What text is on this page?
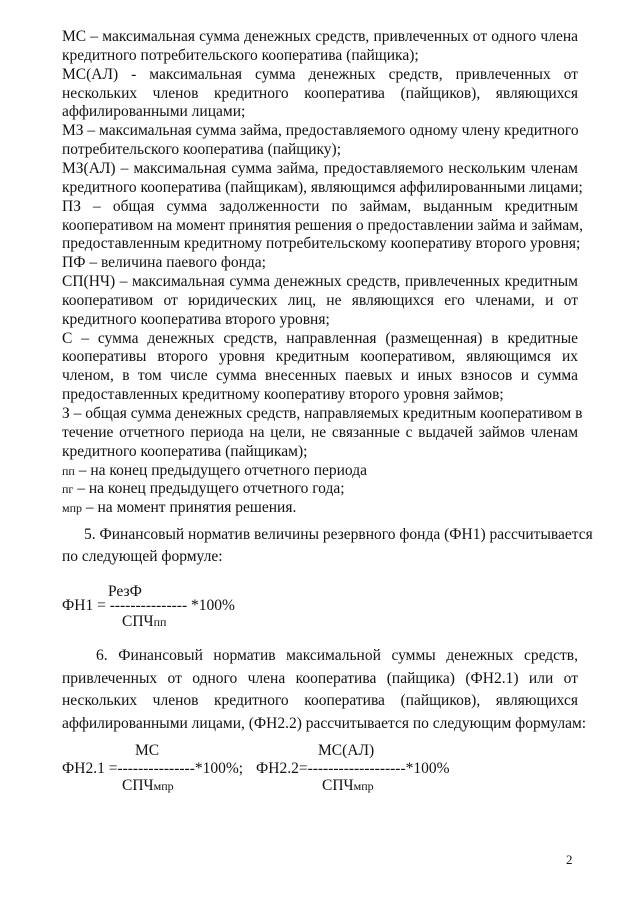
МС – максимальная сумма денежных средств, привлеченных от одного члена
кредитного потребительского кооператива (пайщика);
МС(АЛ) - максимальная сумма денежных средств, привлеченных от
нескольких членов кредитного кооператива (пайщиков), являющихся
аффилированными лицами;
МЗ – максимальная сумма займа, предоставляемого одному члену кредитного
потребительского кооператива (пайщику);
МЗ(АЛ) – максимальная сумма займа, предоставляемого нескольким членам
кредитного кооператива (пайщикам), являющимся аффилированными лицами;
ПЗ – общая сумма задолженности по займам, выданным кредитным
кооперативом на момент принятия решения о предоставлении займа и займам,
предоставленным кредитному потребительскому кооперативу второго уровня;
ПФ – величина паевого фонда;
СП(НЧ) – максимальная сумма денежных средств, привлеченных кредитным
кооперативом от юридических лиц, не являющихся его членами, и от
кредитного кооператива второго уровня;
С – сумма денежных средств, направленная (размещенная) в кредитные
кооперативы второго уровня кредитным кооперативом, являющимся их
членом, в том числе сумма внесенных паевых и иных взносов и сумма
предоставленных кредитному кооперативу второго уровня займов;
З – общая сумма денежных средств, направляемых кредитным кооперативом в
течение отчетного периода на цели, не связанные с выдачей займов членам
кредитного кооператива (пайщикам);
пп – на конец предыдущего отчетного периода
пг – на конец предыдущего отчетного года;
мпр – на момент принятия решения.
5. Финансовый норматив величины резервного фонда (ФН1) рассчитывается
по следующей формуле:
РезФ
ФН1 = --------------- *100%
СПЧпп
6. Финансовый норматив максимальной суммы денежных средств,
привлеченных от одного члена кооператива (пайщика) (ФН2.1) или от
нескольких членов кредитного кооператива (пайщиков), являющихся
аффилированными лицами, (ФН2.2) рассчитывается по следующим формулам:
МС
ФН2.1 =---------------*100%;
СПЧмпр
МС(АЛ)
ФН2.2=-------------------*100%
СПЧмпр
2
